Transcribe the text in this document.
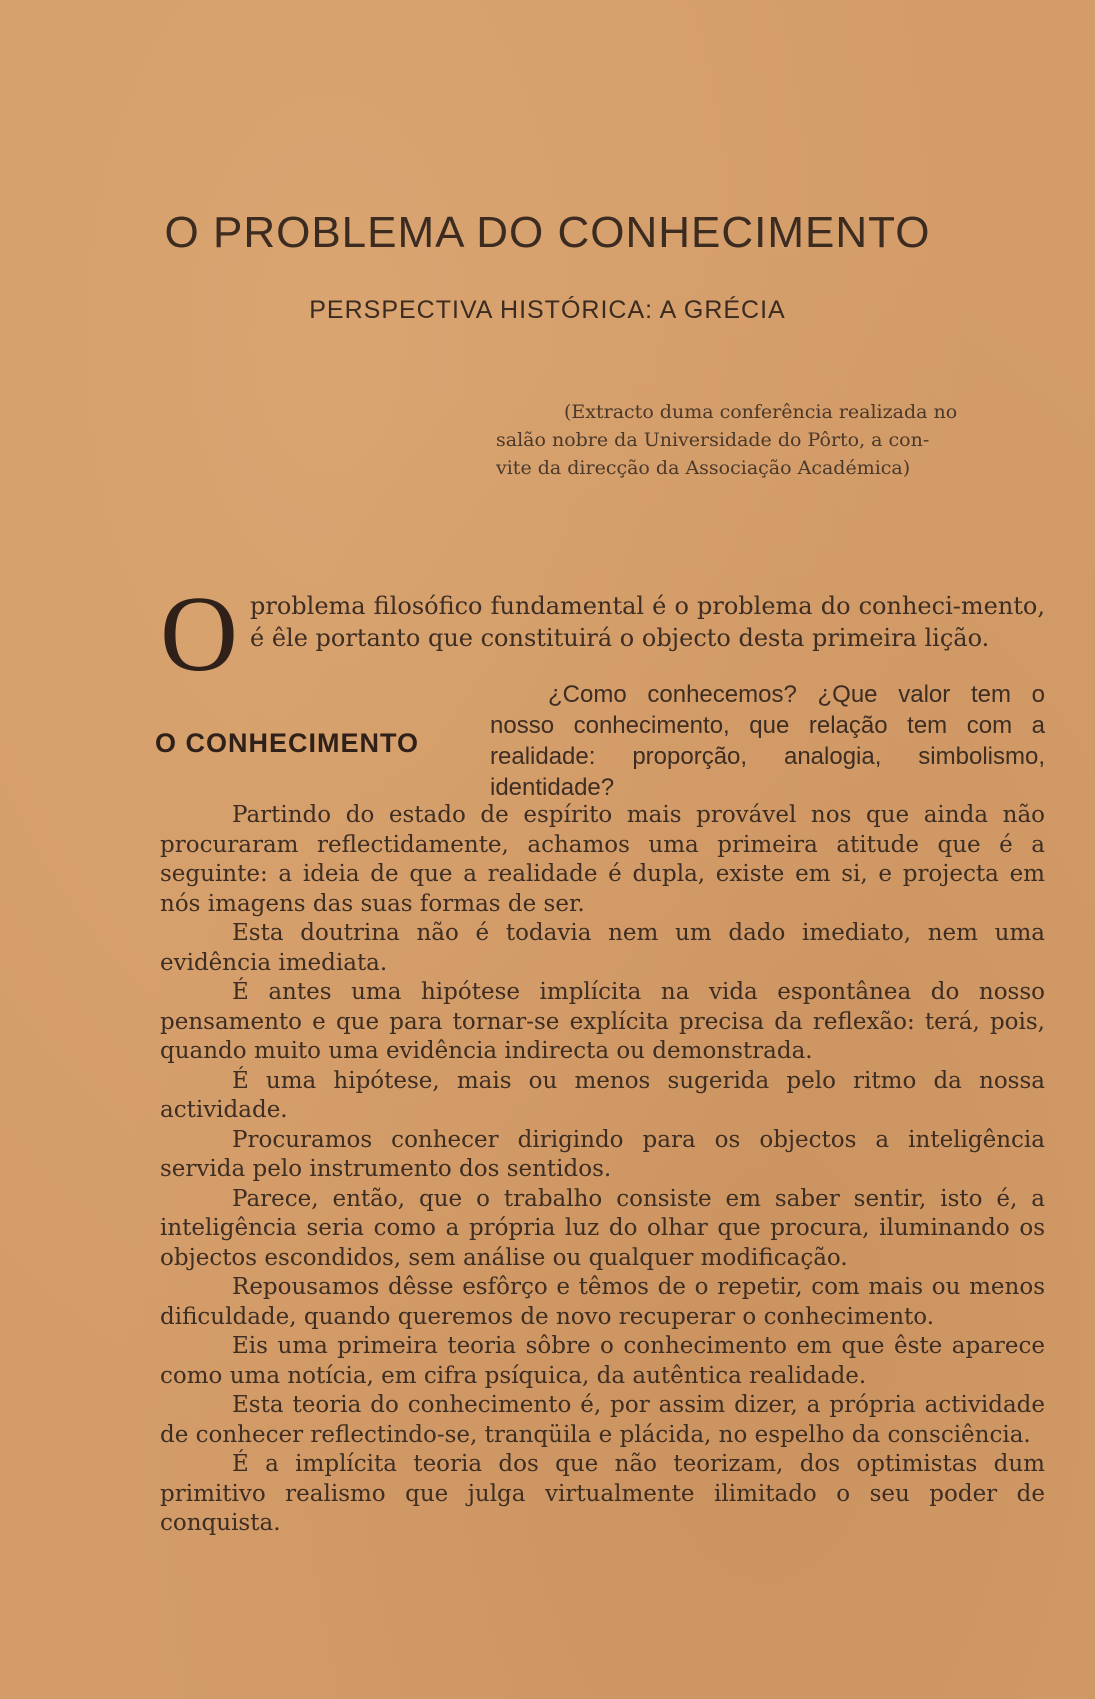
O PROBLEMA DO CONHECIMENTO
PERSPECTIVA HISTÓRICA: A GRÉCIA
(Extracto duma conferência realizada no
salão nobre da Universidade do Pôrto, a con-
vite da direcção da Associação Académica)
O problema filosófico fundamental é o problema do conheci-mento, é êle portanto que constituirá o objecto desta primeira lição.

O CONHECIMENTO

¿Como conhecemos? ¿Que valor tem o nosso conhecimento, que relação tem com a realidade: proporção, analogia, simbolismo, identidade?

Partindo do estado de espírito mais provável nos que ainda não procuraram reflectidamente, achamos uma primeira atitude que é a seguinte: a ideia de que a realidade é dupla, existe em si, e projecta em nós imagens das suas formas de ser.

Esta doutrina não é todavia nem um dado imediato, nem uma evidência imediata.

É antes uma hipótese implícita na vida espontânea do nosso pensamento e que para tornar-se explícita precisa da reflexão: terá, pois, quando muito uma evidência indirecta ou demonstrada.

É uma hipótese, mais ou menos sugerida pelo ritmo da nossa actividade.

Procuramos conhecer dirigindo para os objectos a inteligência servida pelo instrumento dos sentidos.

Parece, então, que o trabalho consiste em saber sentir, isto é, a inteligência seria como a própria luz do olhar que procura, iluminando os objectos escondidos, sem análise ou qualquer modificação.

Repousamos dêsse esfôrço e têmos de o repetir, com mais ou menos dificuldade, quando queremos de novo recuperar o conhecimento.

Eis uma primeira teoria sôbre o conhecimento em que êste aparece como uma notícia, em cifra psíquica, da autêntica realidade.

Esta teoria do conhecimento é, por assim dizer, a própria actividade de conhecer reflectindo-se, tranqüila e plácida, no espelho da consciência.

É a implícita teoria dos que não teorizam, dos optimistas dum primitivo realismo que julga virtualmente ilimitado o seu poder de conquista.
